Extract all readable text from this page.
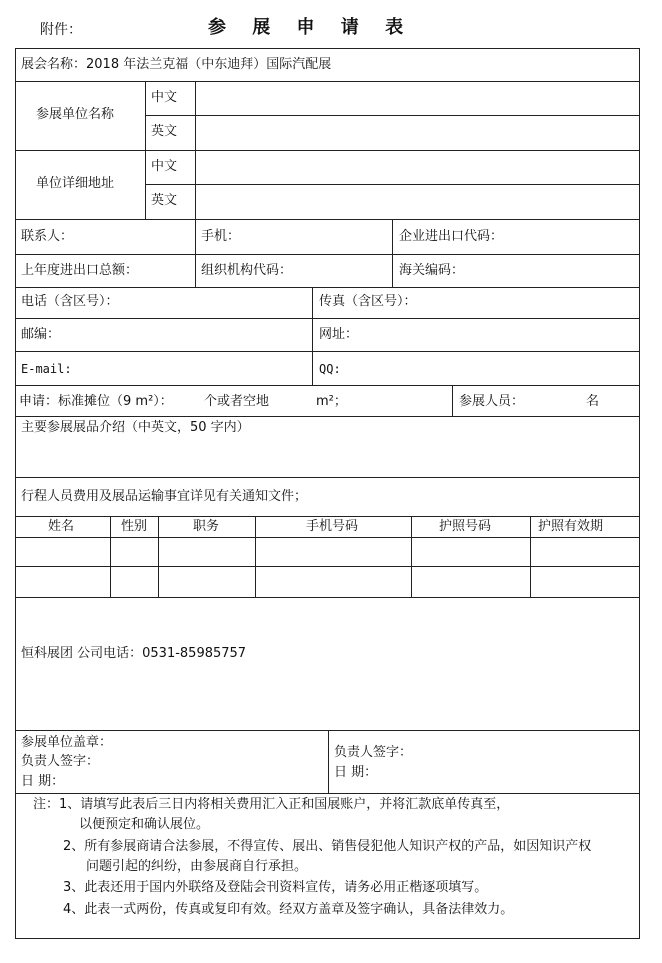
附件：	参 展 申 请 表
展会名称：2018 年法兰克福（中东迪拜）国际汽配展
参展单位名称
中文
英文
单位详细地址
中文
英文
联系人：	手机：	企业进出口代码：
上年度进出口总额：	组织机构代码：	海关编码：
电话（含区号）：	传真（含区号）：
邮编：	网址：
E-mail:	QQ:
申请：标准摊位（9 m²）： 个或者空地	m²；	参展人员：	名
主要参展展品介绍（中英文，50 字内）
行程人员费用及展品运输事宜详见有关通知文件；
姓名	性别	职务	手机号码	护照号码	护照有效期
恒科展团 公司电话：0531-85985757
参展单位盖章：
负责人签字：
日 期：
负责人签字：
日 期：
注：1、请填写此表后三日内将相关费用汇入正和国展账户，并将汇款底单传真至，
以便预定和确认展位。
2、所有参展商请合法参展，不得宣传、展出、销售侵犯他人知识产权的产品，如因知识产权
问题引起的纠纷，由参展商自行承担。
3、此表还用于国内外联络及登陆会刊资料宣传，请务必用正楷逐项填写。
4、此表一式两份，传真或复印有效。经双方盖章及签字确认，具备法律效力。
